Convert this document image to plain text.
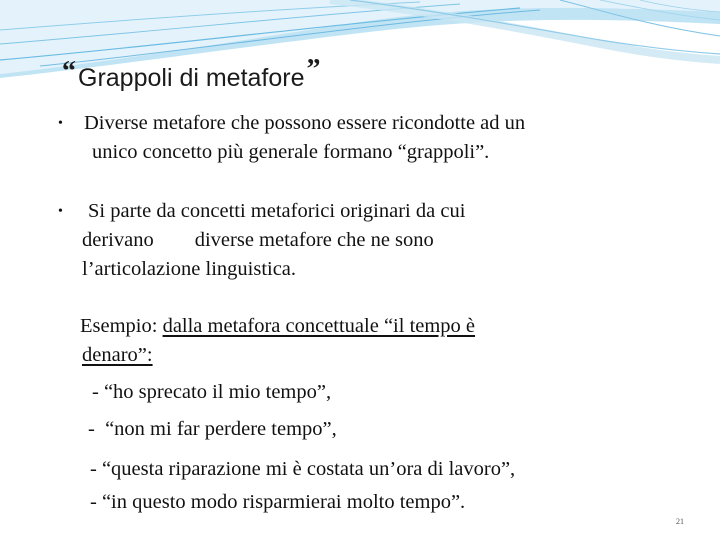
“Grappoli di metafore”
• Diverse metafore che possono essere ricondotte ad un
unico concetto più generale formano “grappoli”.
• Si parte da concetti metaforici originari da cui
derivano        diverse metafore che ne sono
l’articolazione linguistica.
Esempio: dalla metafora concettuale “il tempo è
denaro”:
- “ho sprecato il mio tempo”,
-  “non mi far perdere tempo”,
- “questa riparazione mi è costata un’ora di lavoro”,
- “in questo modo risparmierai molto tempo”.
21
